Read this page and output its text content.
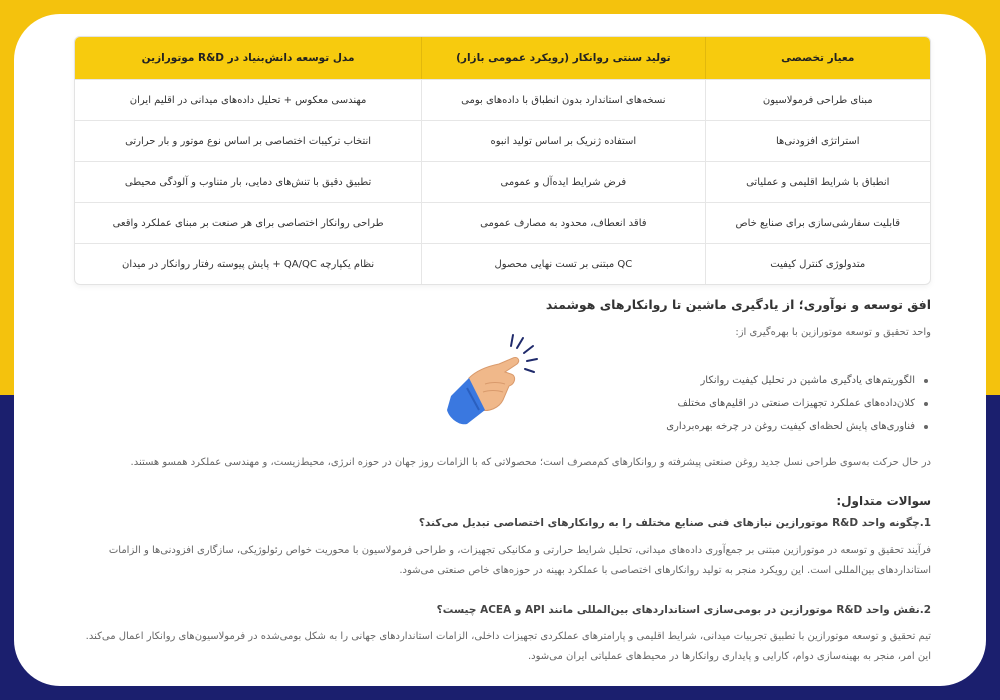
معیار تخصصی
تولید سنتی روانکار (رویکرد عمومی بازار)
مدل توسعه دانش‌بنیاد در R&D موتورازین
مبنای طراحی فرمولاسیون
نسخه‌های استاندارد بدون انطباق با داده‌های بومی
مهندسی معکوس + تحلیل داده‌های میدانی در اقلیم ایران
استراتژی افزودنی‌ها
استفاده ژنریک بر اساس تولید انبوه
انتخاب ترکیبات اختصاصی بر اساس نوع موتور و بار حرارتی
انطباق با شرایط اقلیمی و عملیاتی
فرض شرایط ایده‌آل و عمومی
تطبیق دقیق با تنش‌های دمایی، بار متناوب و آلودگی محیطی
قابلیت سفارشی‌سازی برای صنایع خاص
فاقد انعطاف، محدود به مصارف عمومی
طراحی روانکار اختصاصی برای هر صنعت بر مبنای عملکرد واقعی
متدولوژی کنترل کیفیت
QC مبتنی بر تست نهایی محصول
نظام یکپارچه QA/QC + پایش پیوسته رفتار روانکار در میدان
افق توسعه و نوآوری؛ از یادگیری ماشین تا روانکارهای هوشمند
واحد تحقیق و توسعه موتورازین با بهره‌گیری از:
الگوریتم‌های یادگیری ماشین در تحلیل کیفیت روانکار
کلان‌داده‌های عملکرد تجهیزات صنعتی در اقلیم‌های مختلف
فناوری‌های پایش لحظه‌ای کیفیت روغن در چرخه بهره‌برداری
در حال حرکت به‌سوی طراحی نسل جدید روغن صنعتی پیشرفته و روانکارهای کم‌مصرف است؛ محصولاتی که با الزامات روز جهان در حوزه انرژی، محیط‌زیست، و مهندسی عملکرد همسو هستند.
سوالات متداول:
1.چگونه واحد R&D موتورازین نیازهای فنی صنایع مختلف را به روانکارهای اختصاصی تبدیل می‌کند؟
فرآیند تحقیق و توسعه در موتورازین مبتنی بر جمع‌آوری داده‌های میدانی، تحلیل شرایط حرارتی و مکانیکی تجهیزات، و طراحی فرمولاسیون با محوریت خواص رئولوژیکی، سازگاری افزودنی‌ها و الزامات استانداردهای بین‌المللی است. این رویکرد منجر به تولید روانکارهای اختصاصی با عملکرد بهینه در حوزه‌های خاص صنعتی می‌شود.
2.نقش واحد R&D موتورازین در بومی‌سازی استانداردهای بین‌المللی مانند API و ACEA چیست؟
تیم تحقیق و توسعه موتورازین با تطبیق تجربیات میدانی، شرایط اقلیمی و پارامترهای عملکردی تجهیزات داخلی، الزامات استانداردهای جهانی را به شکل بومی‌شده در فرمولاسیون‌های روانکار اعمال می‌کند. این امر، منجر به بهینه‌سازی دوام، کارایی و پایداری روانکارها در محیط‌های عملیاتی ایران می‌شود.
